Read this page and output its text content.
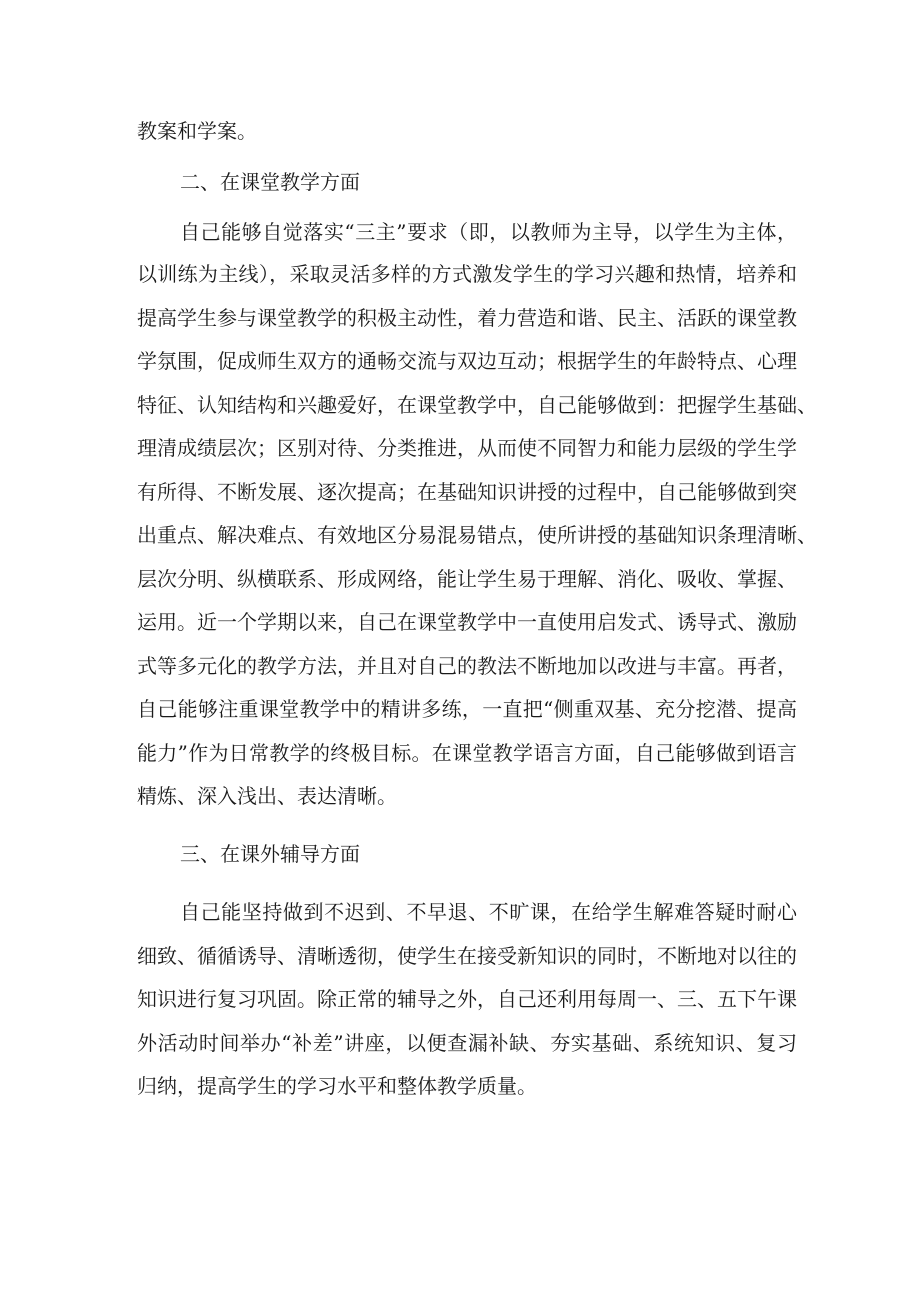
教案和学案。
二、在课堂教学方面
自己能够自觉落实“三主”要求（即，以教师为主导，以学生为主体，
以训练为主线），采取灵活多样的方式激发学生的学习兴趣和热情，培养和
提高学生参与课堂教学的积极主动性，着力营造和谐、民主、活跃的课堂教
学氛围，促成师生双方的通畅交流与双边互动；根据学生的年龄特点、心理
特征、认知结构和兴趣爱好，在课堂教学中，自己能够做到：把握学生基础、
理清成绩层次；区别对待、分类推进，从而使不同智力和能力层级的学生学
有所得、不断发展、逐次提高；在基础知识讲授的过程中，自己能够做到突
出重点、解决难点、有效地区分易混易错点，使所讲授的基础知识条理清晰、
层次分明、纵横联系、形成网络，能让学生易于理解、消化、吸收、掌握、
运用。近一个学期以来，自己在课堂教学中一直使用启发式、诱导式、激励
式等多元化的教学方法，并且对自己的教法不断地加以改进与丰富。再者，
自己能够注重课堂教学中的精讲多练，一直把“侧重双基、充分挖潜、提高
能力”作为日常教学的终极目标。在课堂教学语言方面，自己能够做到语言
精炼、深入浅出、表达清晰。
三、在课外辅导方面
自己能坚持做到不迟到、不早退、不旷课，在给学生解难答疑时耐心
细致、循循诱导、清晰透彻，使学生在接受新知识的同时，不断地对以往的
知识进行复习巩固。除正常的辅导之外，自己还利用每周一、三、五下午课
外活动时间举办“补差”讲座，以便查漏补缺、夯实基础、系统知识、复习
归纳，提高学生的学习水平和整体教学质量。
